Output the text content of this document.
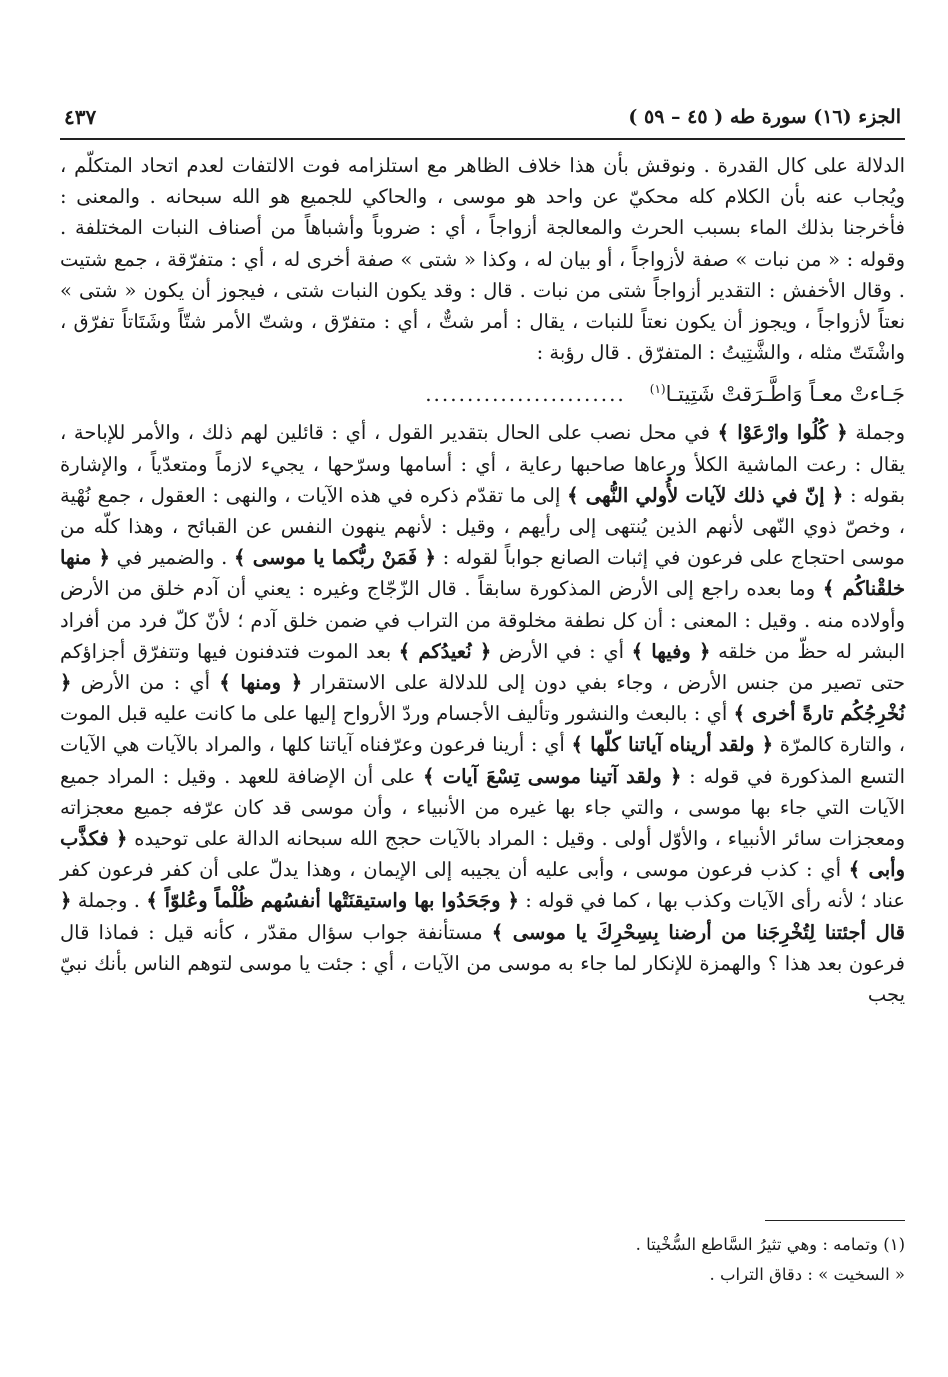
الجزء (١٦) سورة طه ( ٤٥ – ٥٩ )
٤٣٧

الدلالة على كال القدرة . ونوقش بأن هذا خلاف الظاهر مع استلزامه فوت الالتفات لعدم اتحاد المتكلّم ، ويُجاب عنه بأن الكلام كله محكيّ عن واحد هو موسى ، والحاكي للجميع هو الله سبحانه . والمعنى : فأخرجنا بذلك الماء بسبب الحرث والمعالجة أزواجاً ، أي : ضروباً وأشباهاً من أصناف النبات المختلفة . وقوله : « من نبات » صفة لأزواجاً ، أو بيان له ، وكذا « شتى » صفة أخرى له ، أي : متفرّقة ، جمع شتيت . وقال الأخفش : التقدير أزواجاً شتى من نبات . قال : وقد يكون النبات شتى ، فيجوز أن يكون « شتى » نعتاً لأزواجاً ، ويجوز أن يكون نعتاً للنبات ، يقال : أمر شتٌّ ، أي : متفرّق ، وشتّ الأمر شتّاً وشَتَاتاً تفرّق ، واشْتَتّ مثله ، والشَّتِيتُ : المتفرّق . قال رؤبة :

جَـاءتْ معـاً وَاطَّـرَقتْ شَتِيتـا$^{(١)}$
........................

وجملة ﴿ كُلُوا وارْعَوْا ﴾ في محل نصب على الحال بتقدير القول ، أي : قائلين لهم ذلك ، والأمر للإباحة ، يقال : رعت الماشية الكلأ ورعاها صاحبها رعاية ، أي : أسامها وسرّحها ، يجيء لازماً ومتعدّياً ، والإشارة بقوله : ﴿ إنّ في ذلك لآيات لأُولي النُّهى ﴾ إلى ما تقدّم ذكره في هذه الآيات ، والنهى : العقول ، جمع نُهْية ، وخصّ ذوي النّهى لأنهم الذين يُنتهى إلى رأيهم ، وقيل : لأنهم ينهون النفس عن القبائح ، وهذا كلّه من موسى احتجاج على فرعون في إثبات الصانع جواباً لقوله : ﴿ فَمَنْ ربُّكما يا موسى ﴾ . والضمير في ﴿ منها خلقْناكُم ﴾ وما بعده راجع إلى الأرض المذكورة سابقاً . قال الزّجّاج وغيره : يعني أن آدم خلق من الأرض وأولاده منه . وقيل : المعنى : أن كل نطفة مخلوقة من التراب في ضمن خلق آدم ؛ لأنّ كلّ فرد من أفراد البشر له حظّ من خلقه ﴿ وفيها ﴾ أي : في الأرض ﴿ نُعيدُكم ﴾ بعد الموت فتدفنون فيها وتتفرّق أجزاؤكم حتى تصير من جنس الأرض ، وجاء بفي دون إلى للدلالة على الاستقرار ﴿ ومنها ﴾ أي : من الأرض ﴿ نُخْرِجُكُم تارةً أخرى ﴾ أي : بالبعث والنشور وتأليف الأجسام وردّ الأرواح إليها على ما كانت عليه قبل الموت ، والتارة كالمرّة ﴿ ولقد أريناه آياتنا كلّها ﴾ أي : أرينا فرعون وعرّفناه آياتنا كلها ، والمراد بالآيات هي الآيات التسع المذكورة في قوله : ﴿ ولقد آتينا موسى تِسْعَ آيات ﴾ على أن الإضافة للعهد . وقيل : المراد جميع الآيات التي جاء بها موسى ، والتي جاء بها غيره من الأنبياء ، وأن موسى قد كان عرّفه جميع معجزاته ومعجزات سائر الأنبياء ، والأوّل أولى . وقيل : المراد بالآيات حجج الله سبحانه الدالة على توحيده ﴿ فكذَّب وأبى ﴾ أي : كذب فرعون موسى ، وأبى عليه أن يجيبه إلى الإيمان ، وهذا يدلّ على أن كفر فرعون كفر عناد ؛ لأنه رأى الآيات وكذب بها ، كما في قوله : ﴿ وجَحَدُوا بها واستيقنَتْها أنفسُهم ظُلْماً وعُلوّاً ﴾ . وجملة ﴿ قال أجئتنا لِتُخْرِجَنا من أرضنا بِسِحْرِكَ يا موسى ﴾ مستأنفة جواب سؤال مقدّر ، كأنه قيل : فماذا قال فرعون بعد هذا ؟ والهمزة للإنكار لما جاء به موسى من الآيات ، أي : جئت يا موسى لتوهم الناس بأنك نبيّ يجب

(١) وتمامه : وهي تثيرُ السَّاطع السُّخْيتا .

« السخيت » : دقاق التراب .
